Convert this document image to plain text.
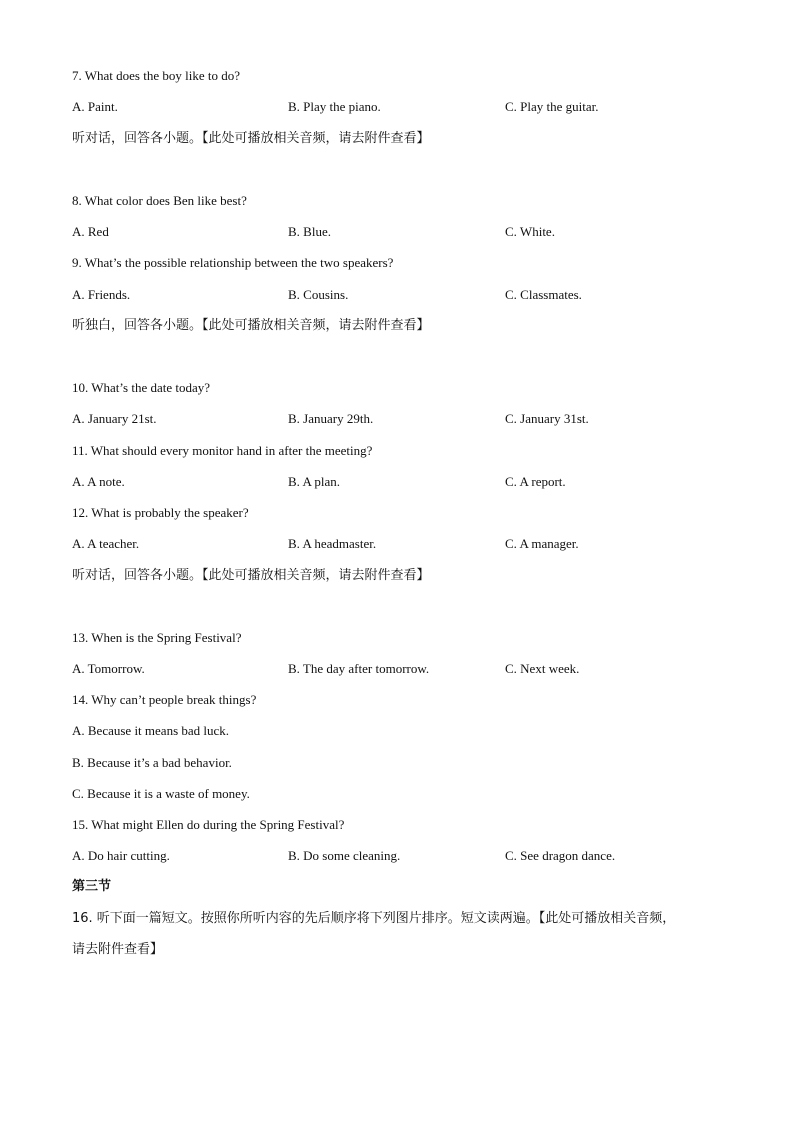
7. What does the boy like to do?
A. Paint.	B. Play the piano.	C. Play the guitar.
听对话，回答各小题。【此处可播放相关音频，请去附件查看】
8. What color does Ben like best?
A. Red	B. Blue.	C. White.
9. What’s the possible relationship between the two speakers?
A. Friends.	B. Cousins.	C. Classmates.
听独白，回答各小题。【此处可播放相关音频，请去附件查看】
10. What’s the date today?
A. January 21st.	B. January 29th.	C. January 31st.
11. What should every monitor hand in after the meeting?
A. A note.	B. A plan.	C. A report.
12. What is probably the speaker?
A. A teacher.	B. A headmaster.	C. A manager.
听对话，回答各小题。【此处可播放相关音频，请去附件查看】
13. When is the Spring Festival?
A. Tomorrow.	B. The day after tomorrow.	C. Next week.
14. Why can’t people break things?
A. Because it means bad luck.
B. Because it’s a bad behavior.
C. Because it is a waste of money.
15. What might Ellen do during the Spring Festival?
A. Do hair cutting.	B. Do some cleaning.	C. See dragon dance.
第三节
16. 听下面一篇短文。按照你所听内容的先后顺序将下列图片排序。短文读两遍。【此处可播放相关音频，
请去附件查看】
